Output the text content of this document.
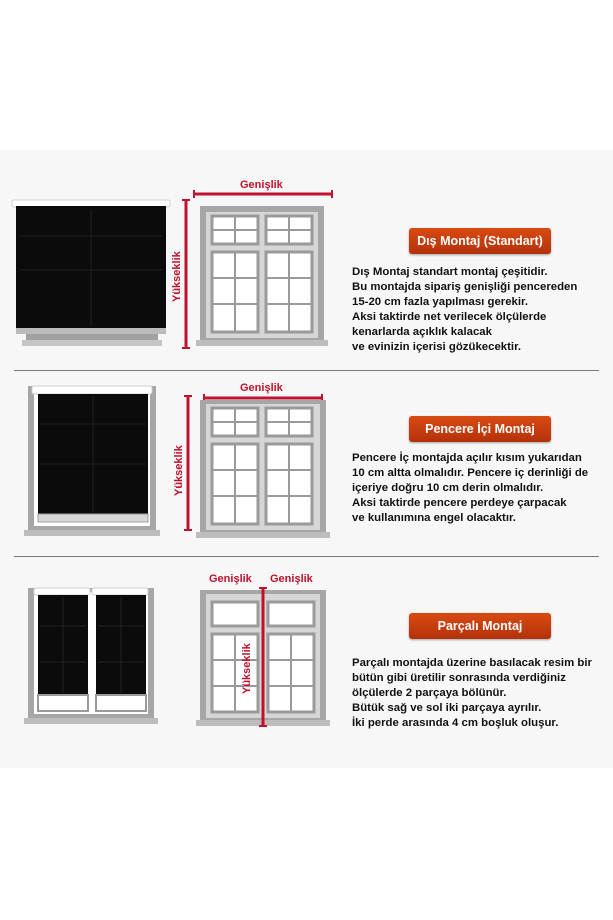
Yükseklik
Genişlik
Dış Montaj (Standart)
Dış Montaj standart montaj çeşitidir.
Bu montajda sipariş genişliği pencereden
15-20 cm fazla yapılması gerekir.
Aksi taktirde net verilecek ölçülerde
kenarlarda açıklık kalacak
ve evinizin içerisi gözükecektir.
Yükseklik
Genişlik
Pencere İçi Montaj
Pencere İç montajda açılır kısım yukarıdan
10 cm altta olmalıdır. Pencere iç derinliği de
içeriye doğru 10 cm derin olmalıdır.
Aksi taktirde pencere perdeye çarpacak
ve kullanımına engel olacaktır.
Genişlik Genişlik
Yükseklik
Parçalı Montaj
Parçalı montajda üzerine basılacak resim bir
bütün gibi üretilir sonrasında verdiğiniz
ölçülerde 2 parçaya bölünür.
Bütük sağ ve sol iki parçaya ayrılır.
İki perde arasında 4 cm boşluk oluşur.
